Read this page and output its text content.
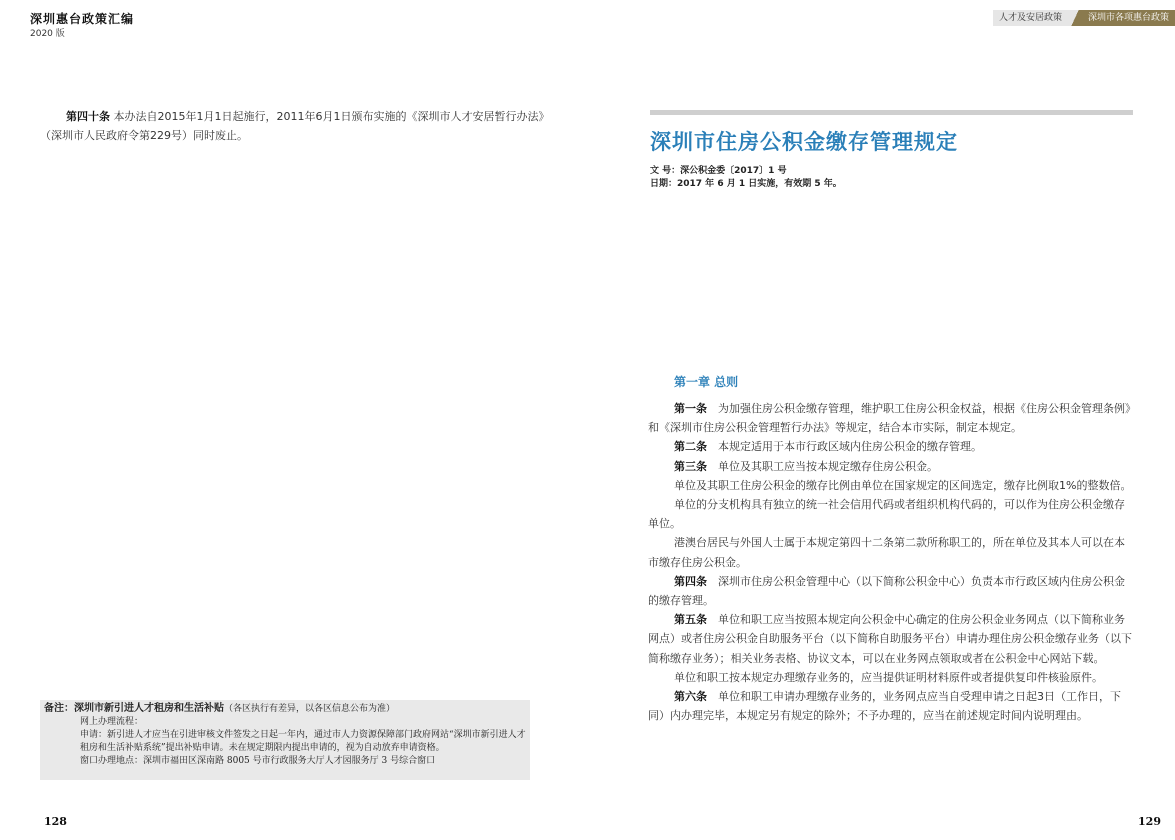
深圳惠台政策汇编
2020 版
第四十条 本办法自2015年1月1日起施行，2011年6月1日颁布实施的《深圳市人才安居暂行办法》（深圳市人民政府令第229号）同时废止。
备注：深圳市新引进人才租房和生活补贴（各区执行有差异，以各区信息公布为准）
网上办理流程：
申请：新引进人才应当在引进审核文件签发之日起一年内，通过市人力资源保障部门政府网站“深圳市新引进人才租房和生活补贴系统”提出补贴申请。未在规定期限内提出申请的，视为自动放弃申请资格。
窗口办理地点：深圳市福田区深南路 8005 号市行政服务大厅人才园服务厅 3 号综合窗口
128
人才及安居政策	深圳市各项惠台政策
深圳市住房公积金缴存管理规定
文 号：深公积金委〔2017〕1 号
日期：2017 年 6 月 1 日实施，有效期 5 年。
第一章 总则

第一条　 为加强住房公积金缴存管理，维护职工住房公积金权益，根据《住房公积金管理条例》和《深圳市住房公积金管理暂行办法》等规定，结合本市实际，制定本规定。

第二条　 本规定适用于本市行政区域内住房公积金的缴存管理。

第三条　 单位及其职工应当按本规定缴存住房公积金。

单位及其职工住房公积金的缴存比例由单位在国家规定的区间选定，缴存比例取1%的整数倍。

单位的分支机构具有独立的统一社会信用代码或者组织机构代码的，可以作为住房公积金缴存单位。

港澳台居民与外国人士属于本规定第四十二条第二款所称职工的，所在单位及其本人可以在本市缴存住房公积金。

第四条　 深圳市住房公积金管理中心（以下简称公积金中心）负责本市行政区域内住房公积金的缴存管理。

第五条　 单位和职工应当按照本规定向公积金中心确定的住房公积金业务网点（以下简称业务网点）或者住房公积金自助服务平台（以下简称自助服务平台）申请办理住房公积金缴存业务（以下简称缴存业务）；相关业务表格、协议文本，可以在业务网点领取或者在公积金中心网站下载。

单位和职工按本规定办理缴存业务的，应当提供证明材料原件或者提供复印件核验原件。

第六条　 单位和职工申请办理缴存业务的，业务网点应当自受理申请之日起3日（工作日，下同）内办理完毕，本规定另有规定的除外；不予办理的，应当在前述规定时间内说明理由。

129
